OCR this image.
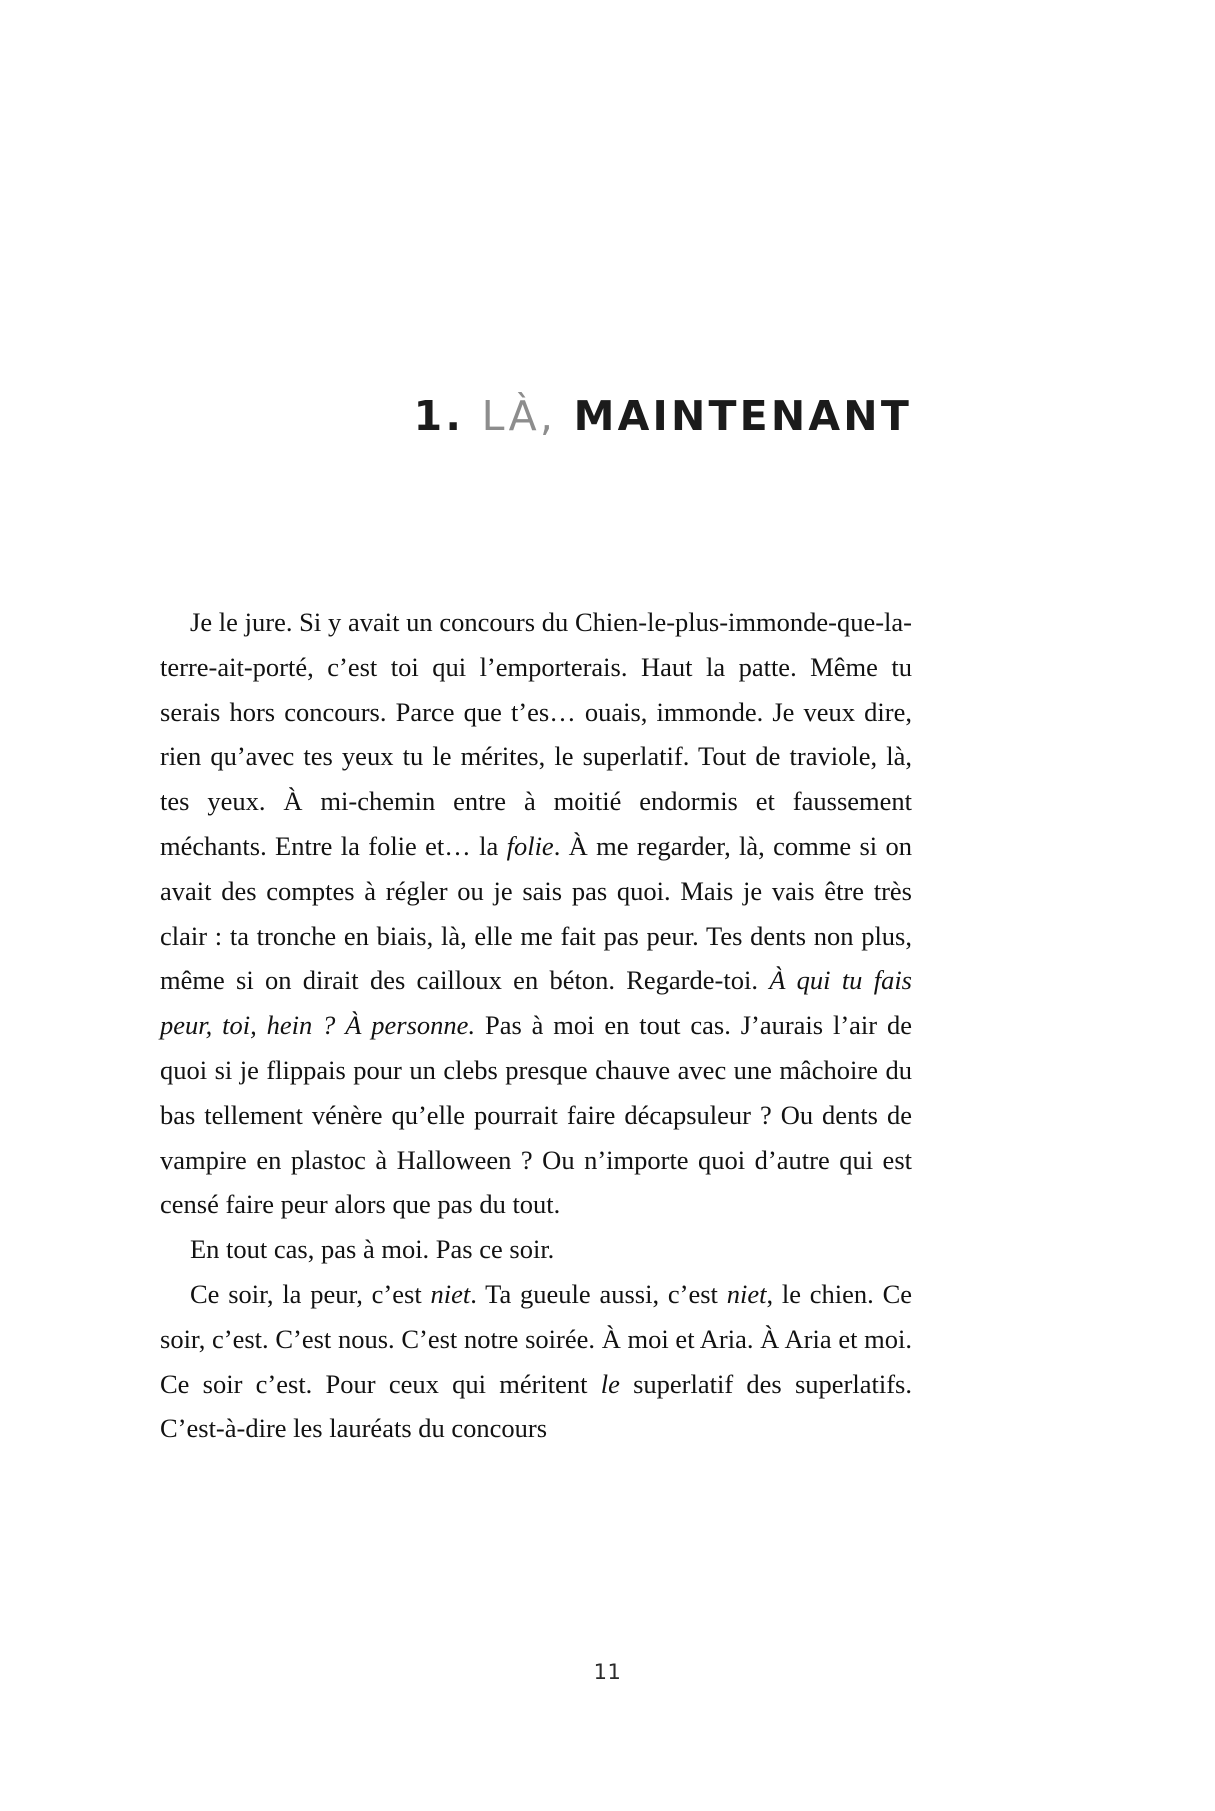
1. LÀ, MAINTENANT

Je le jure. Si y avait un concours du Chien-le-plus-immonde-que-la-terre-ait-porté, c’est toi qui l’emporterais. Haut la patte. Même tu serais hors concours. Parce que t’es… ouais, immonde. Je veux dire, rien qu’avec tes yeux tu le mérites, le superlatif. Tout de traviole, là, tes yeux. À mi-chemin entre à moitié endormis et faussement méchants. Entre la folie et… la folie. À me regarder, là, comme si on avait des comptes à régler ou je sais pas quoi. Mais je vais être très clair : ta tronche en biais, là, elle me fait pas peur. Tes dents non plus, même si on dirait des cailloux en béton. Regarde-toi. À qui tu fais peur, toi, hein ? À personne. Pas à moi en tout cas. J’aurais l’air de quoi si je flippais pour un clebs presque chauve avec une mâchoire du bas tellement vénère qu’elle pourrait faire décapsuleur ? Ou dents de vampire en plastoc à Halloween ? Ou n’importe quoi d’autre qui est censé faire peur alors que pas du tout.

En tout cas, pas à moi. Pas ce soir.

Ce soir, la peur, c’est niet. Ta gueule aussi, c’est niet, le chien. Ce soir, c’est. C’est nous. C’est notre soirée. À moi et Aria. À Aria et moi. Ce soir c’est. Pour ceux qui méritent le superlatif des superlatifs. C’est-à-dire les lauréats du concours

11
